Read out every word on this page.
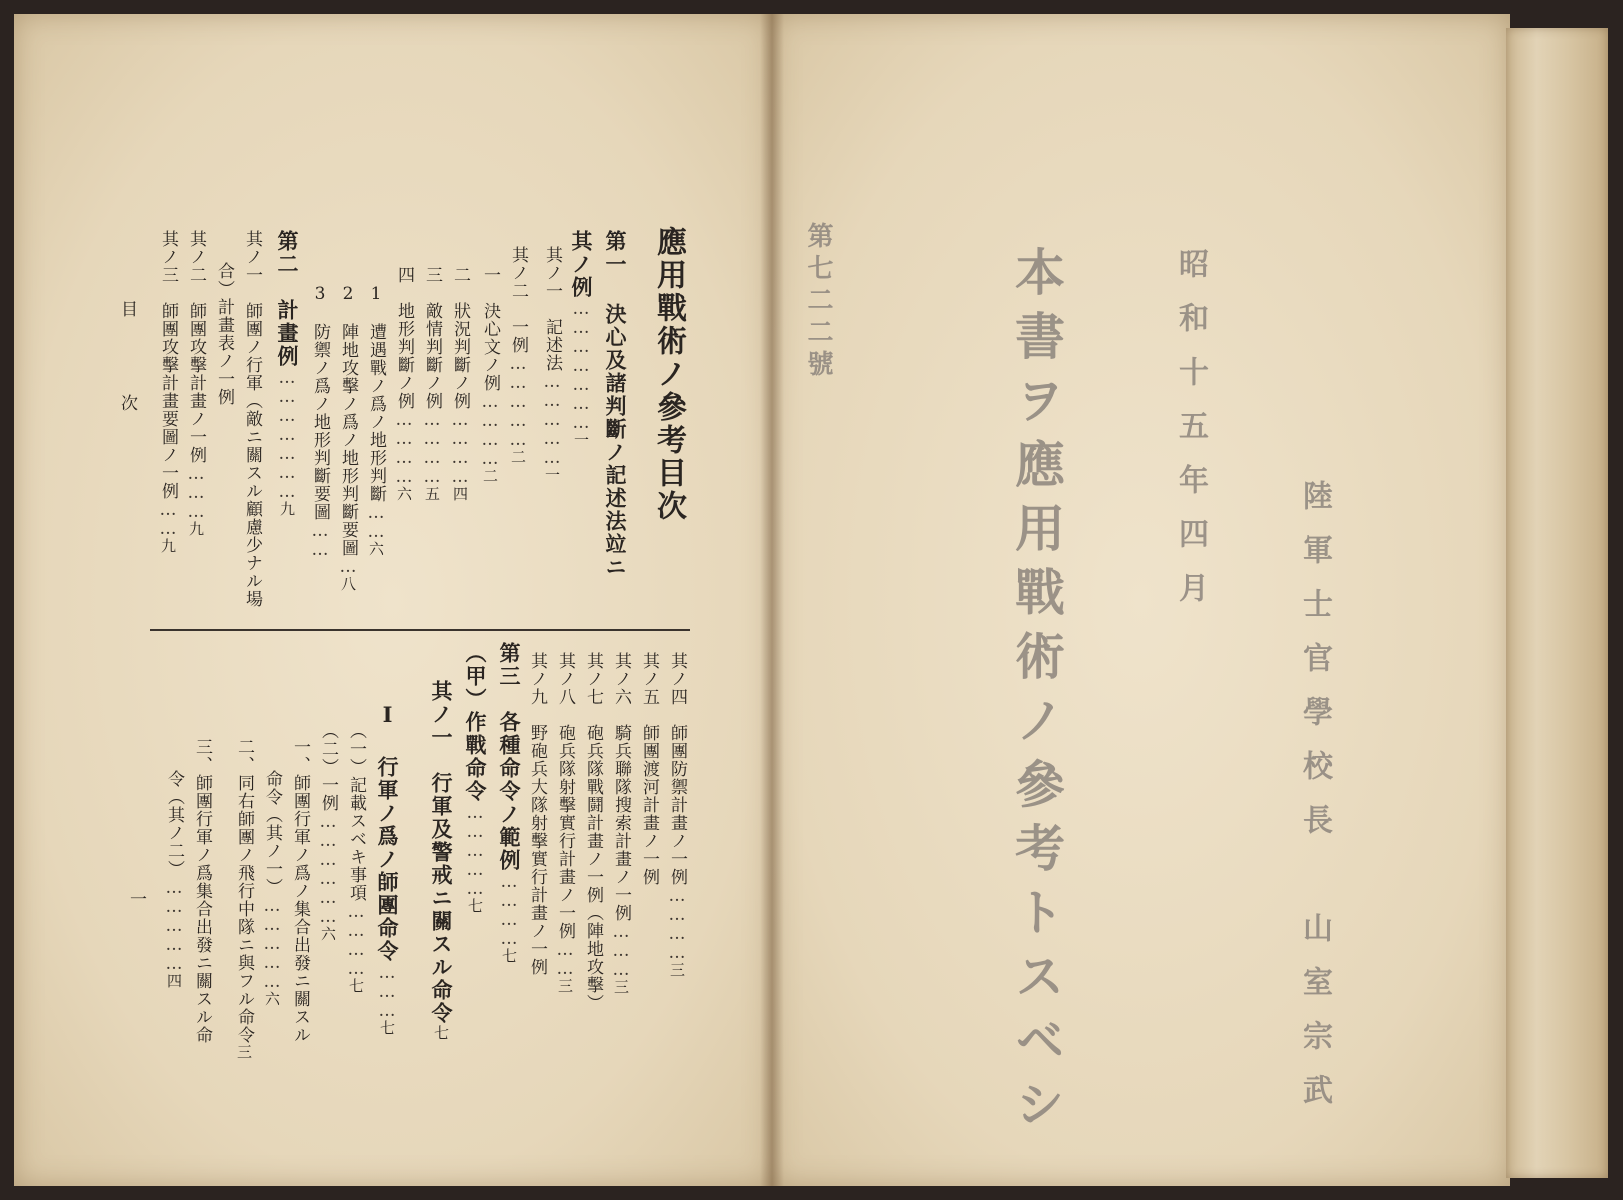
應用戰術ノ參考目次
第一 決心及諸判斷ノ記述法竝ニ
其ノ例…………………一
其ノ一　記述法……………一
其ノ二　一例……………二
一　決心文ノ例…………二
二　狀況判斷ノ例…………四
三　敵情判斷ノ例…………五
四　地形判斷ノ例…………六
1　遭遇戰ノ爲ノ地形判斷……六
2　陣地攻擊ノ爲ノ地形判斷要圖…八
3　防禦ノ爲ノ地形判斷要圖……
第二　計畫例…………………九
其ノ一　師團ノ行軍（敵ニ關スル顧慮少ナル場
合）計畫表ノ一例
其ノ二　師團攻擊計畫ノ一例………九
其ノ三　師團攻擊計畫要圖ノ一例……九
目　次
其ノ四　師團防禦計畫ノ一例…………三
其ノ五　師團渡河計畫ノ一例
其ノ六　騎兵聯隊搜索計畫ノ一例………三
其ノ七　砲兵隊戰鬪計畫ノ一例（陣地攻擊）
其ノ八　砲兵隊射擊實行計畫ノ一例……三
其ノ九　野砲兵大隊射擊實行計畫ノ一例
第三　各種命令ノ範例…………七
（甲）作戰命令……………七
其ノ一　行軍及警戒ニ關スル命令七
Ⅰ 行軍ノ爲ノ師團命令………七
（一）記載スベキ事項…………七
（二）一例………………六
一、師團行軍ノ爲ノ集合出發ニ關スル
命令（其ノ一）……………六
二、同右師團ノ飛行中隊ニ與フル命令三
三、師團行軍ノ爲集合出發ニ關スル命
令（其ノ二）……………四
一
昭和十五年四月
本書ヲ應用戰術ノ參考トスベシ	陸軍士官學校長　山室宗武
第七二二號
